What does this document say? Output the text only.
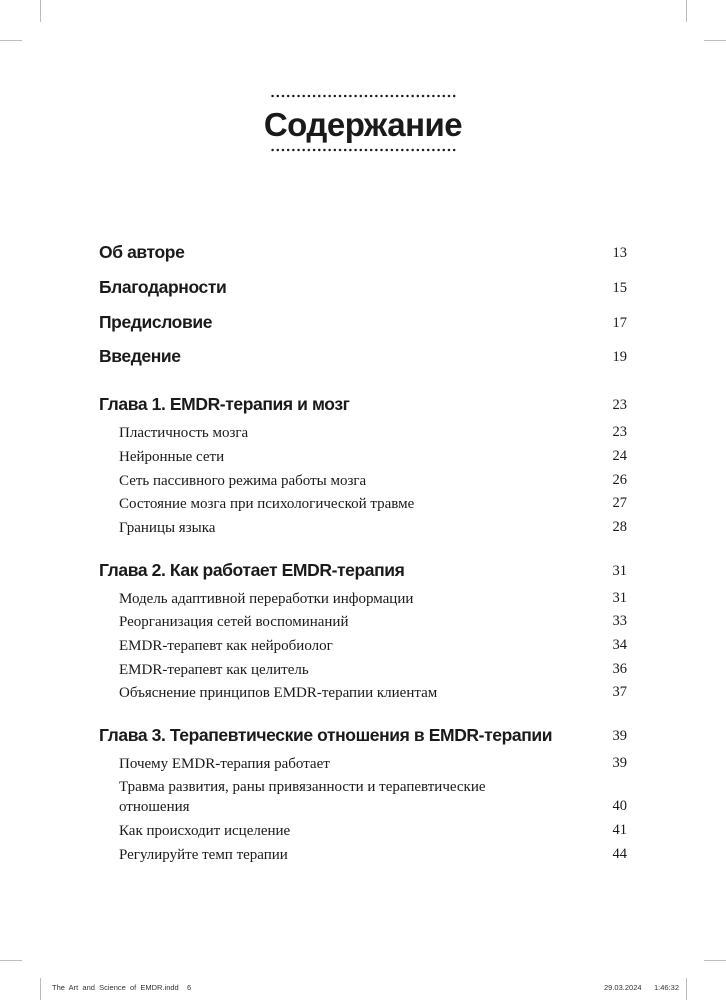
Содержание
Об авторе	13
Благодарности	15
Предисловие	17
Введение	19
Глава 1. EMDR-терапия и мозг	23
Пластичность мозга	23
Нейронные сети	24
Сеть пассивного режима работы мозга	26
Состояние мозга при психологической травме	27
Границы языка	28
Глава 2. Как работает EMDR-терапия	31
Модель адаптивной переработки информации	31
Реорганизация сетей воспоминаний	33
EMDR-терапевт как нейробиолог	34
EMDR-терапевт как целитель	36
Объяснение принципов EMDR-терапии клиентам	37
Глава 3. Терапевтические отношения в EMDR-терапии	39
Почему EMDR-терапия работает	39
Травма развития, раны привязанности и терапевтические отношения	40
Как происходит исцеление	41
Регулируйте темп терапии	44
The  Art  and  Science  of  EMDR.indd    6	29.03.2024 1:46:32
